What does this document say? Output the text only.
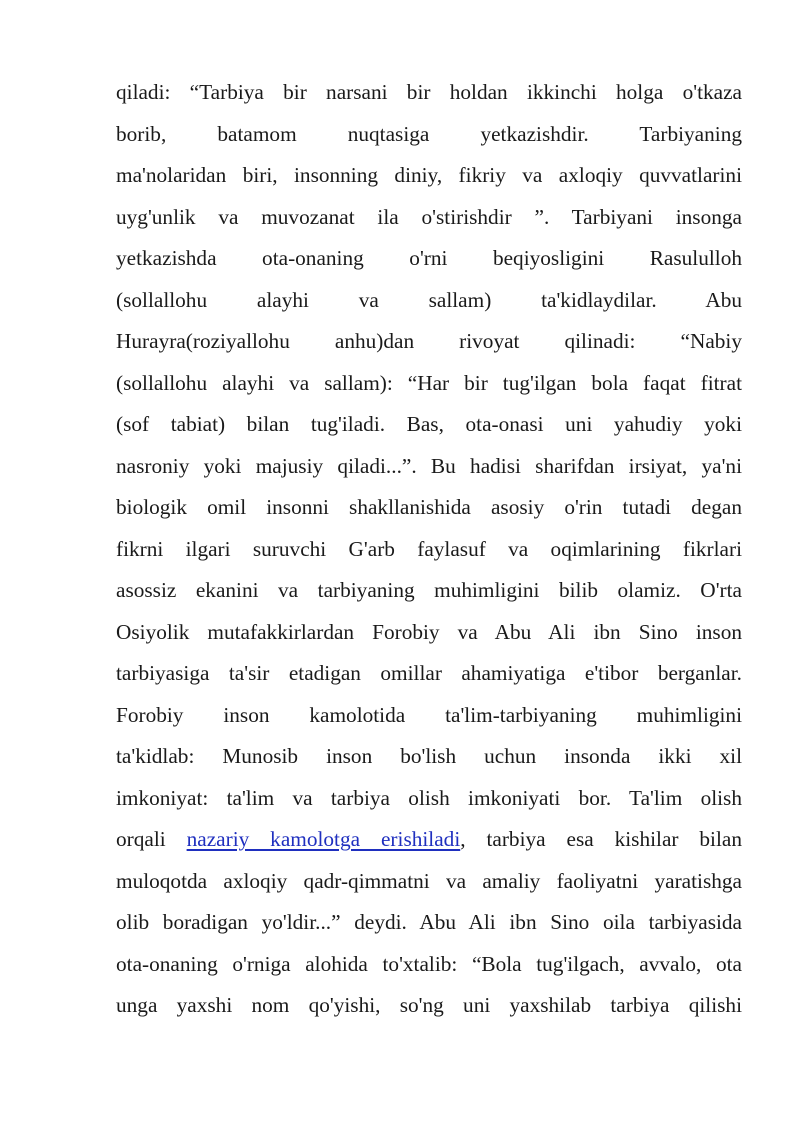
qiladi: “Tarbiya bir narsani bir holdan ikkinchi holga o'tkaza
borib, batamom nuqtasiga yetkazishdir. Tarbiyaning
ma'nolaridan biri, insonning diniy, fikriy va axloqiy quvvatlarini
uyg'unlik va muvozanat ila o'stirishdir ”. Tarbiyani insonga
yetkazishda ota-onaning o'rni beqiyosligini Rasululloh
(sollallohu alayhi va sallam) ta'kidlaydilar. Abu
Hurayra(roziyallohu anhu)dan rivoyat qilinadi: “Nabiy
(sollallohu alayhi va sallam): “Har bir tug'ilgan bola faqat fitrat
(sof tabiat) bilan tug'iladi. Bas, ota-onasi uni yahudiy yoki
nasroniy yoki majusiy qiladi...”. Bu hadisi sharifdan irsiyat, ya'ni
biologik omil insonni shakllanishida asosiy o'rin tutadi degan
fikrni ilgari suruvchi G'arb faylasuf va oqimlarining fikrlari
asossiz ekanini va tarbiyaning muhimligini bilib olamiz. O'rta
Osiyolik mutafakkirlardan Forobiy va Abu Ali ibn Sino inson
tarbiyasiga ta'sir etadigan omillar ahamiyatiga e'tibor berganlar.
Forobiy inson kamolotida ta'lim-tarbiyaning muhimligini
ta'kidlab: Munosib inson bo'lish uchun insonda ikki xil
imkoniyat: ta'lim va tarbiya olish imkoniyati bor. Ta'lim olish
orqali nazariy kamolotga erishiladi, tarbiya esa kishilar bilan
muloqotda axloqiy qadr-qimmatni va amaliy faoliyatni yaratishga
olib boradigan yo'ldir...” deydi. Abu Ali ibn Sino oila tarbiyasida
ota-onaning o'rniga alohida to'xtalib: “Bola tug'ilgach, avvalo, ota
unga yaxshi nom qo'yishi, so'ng uni yaxshilab tarbiya qilishi
